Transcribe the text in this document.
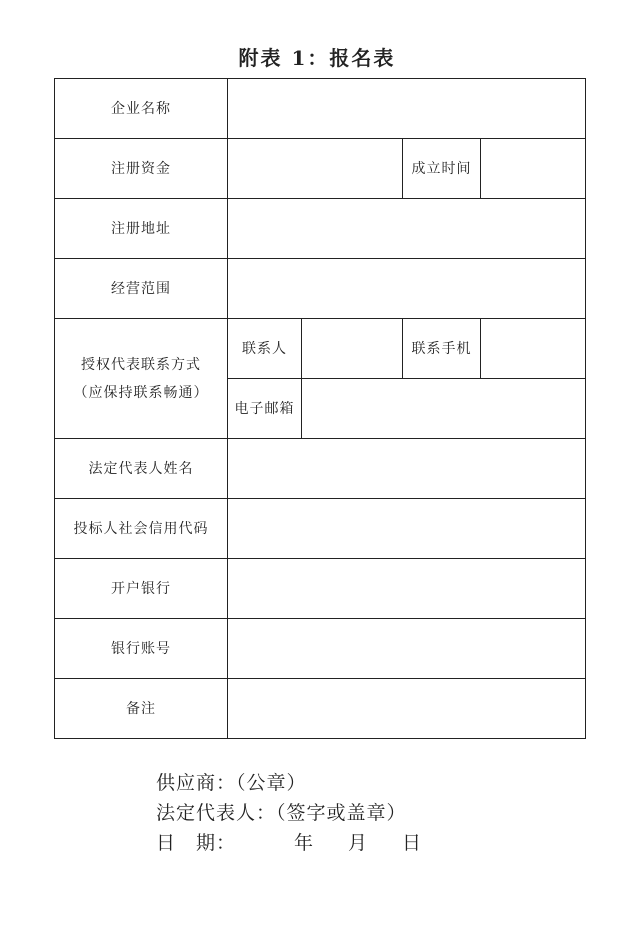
附表 1：报名表
企业名称				
注册资金			成立时间	
注册地址				
经营范围				

授权代表联系方式
（应保持联系畅通）	联系人		联系手机	
	电子邮箱			
法定代表人姓名				
投标人社会信用代码				
开户银行				
银行账号				
备注				
供应商：（公章）
法定代表人：（签字或盖章）
日　期：	年 月 日
